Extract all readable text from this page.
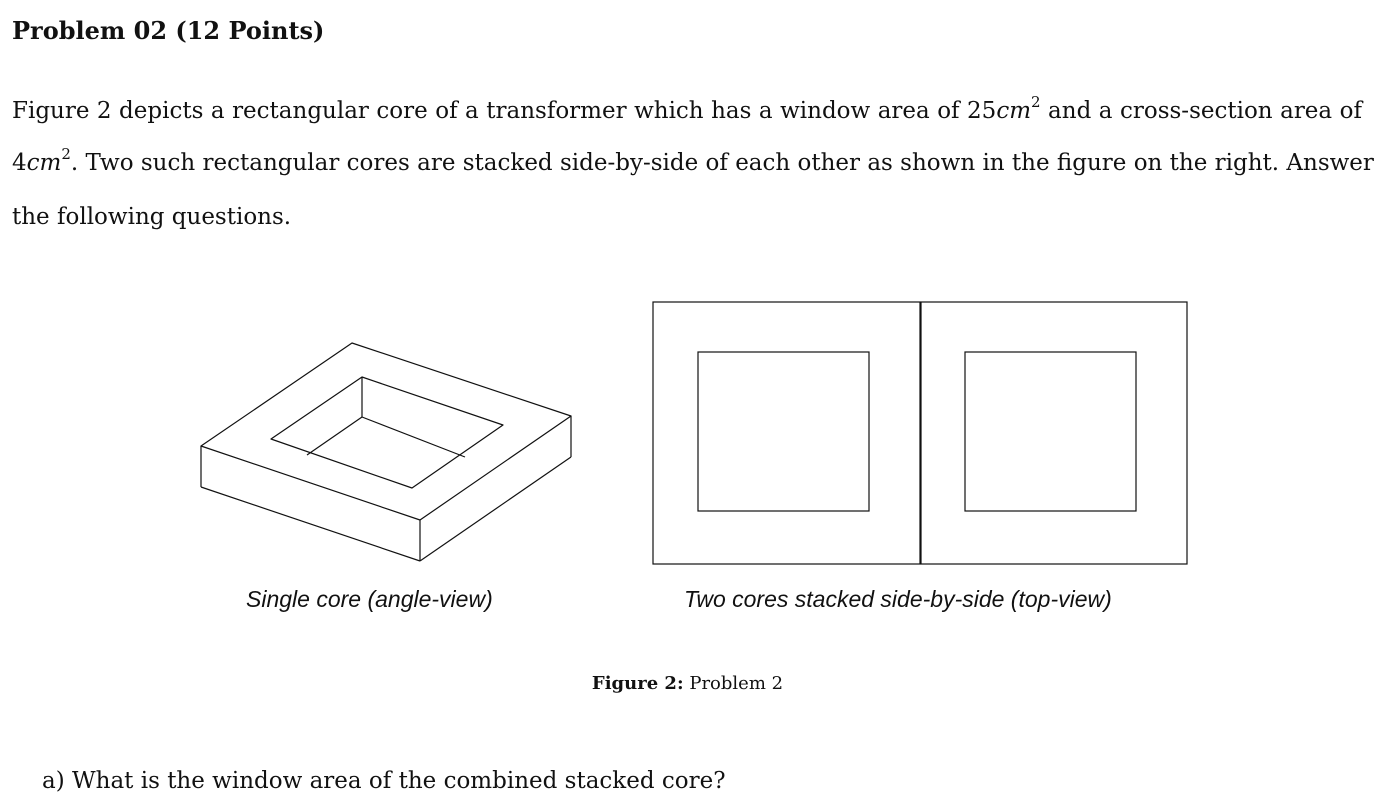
Problem 02 (12 Points)
Figure 2 depicts a rectangular core of a transformer which has a window area of $25cm^2$ and a cross-section area of
$4cm^2$. Two such rectangular cores are stacked side-by-side of each other as shown in the figure on the right. Answer
the following questions.
Single core (angle-view)	Two cores stacked side-by-side (top-view)
Figure 2: Problem 2
a) What is the window area of the combined stacked core?
